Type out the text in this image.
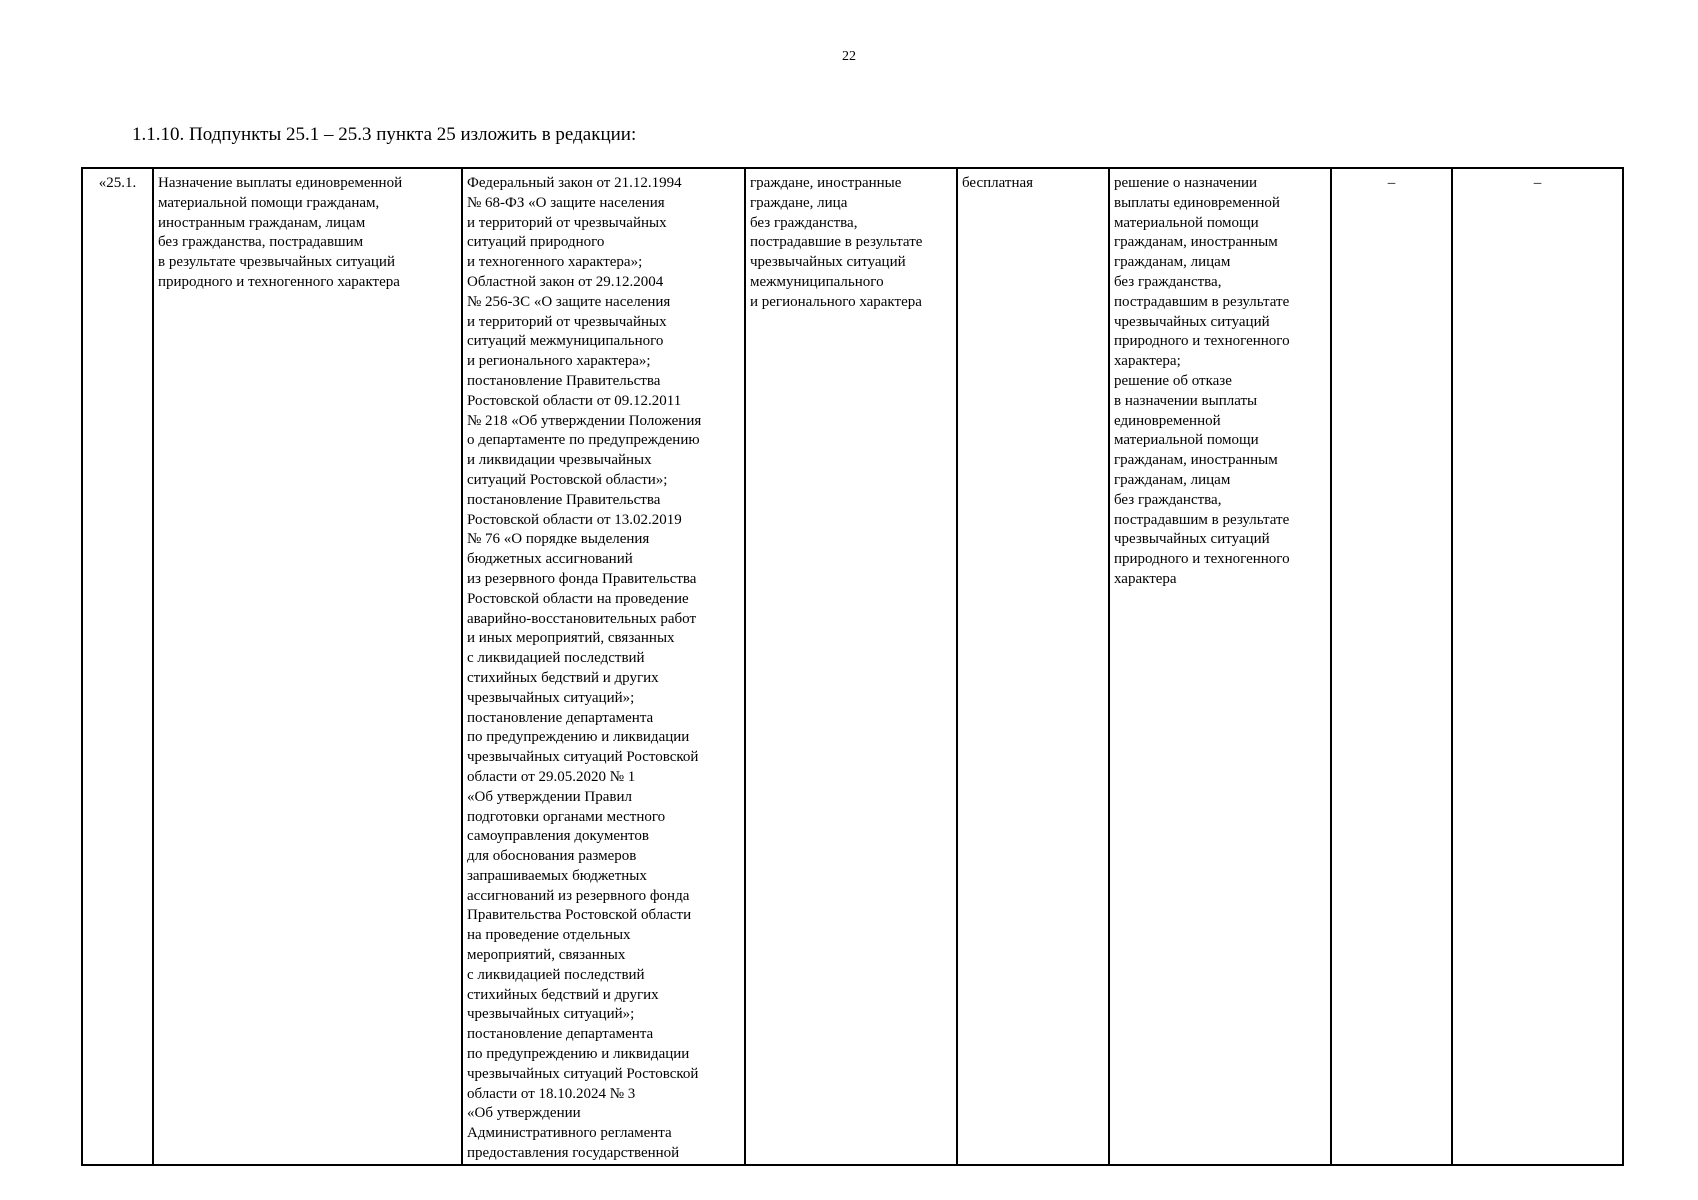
22
1.1.10. Подпункты 25.1 – 25.3 пункта 25 изложить в редакции:
«25.1.	Назначение выплаты единовременной
материальной помощи гражданам,
иностранным гражданам, лицам
без гражданства, пострадавшим
в результате чрезвычайных ситуаций
природного и техногенного характера	Федеральный закон от 21.12.1994
№ 68-ФЗ «О защите населения
и территорий от чрезвычайных
ситуаций природного
и техногенного характера»;
Областной закон от 29.12.2004
№ 256-ЗС «О защите населения
и территорий от чрезвычайных
ситуаций межмуниципального
и регионального характера»;
постановление Правительства
Ростовской области от 09.12.2011
№ 218 «Об утверждении Положения
о департаменте по предупреждению
и ликвидации чрезвычайных
ситуаций Ростовской области»;
постановление Правительства
Ростовской области от 13.02.2019
№ 76 «О порядке выделения
бюджетных ассигнований
из резервного фонда Правительства
Ростовской области на проведение
аварийно-восстановительных работ
и иных мероприятий, связанных
с ликвидацией последствий
стихийных бедствий и других
чрезвычайных ситуаций»;
постановление департамента
по предупреждению и ликвидации
чрезвычайных ситуаций Ростовской
области от 29.05.2020 № 1
«Об утверждении Правил
подготовки органами местного
самоуправления документов
для обоснования размеров
запрашиваемых бюджетных
ассигнований из резервного фонда
Правительства Ростовской области
на проведение отдельных
мероприятий, связанных
с ликвидацией последствий
стихийных бедствий и других
чрезвычайных ситуаций»;
постановление департамента
по предупреждению и ликвидации
чрезвычайных ситуаций Ростовской
области от 18.10.2024 № 3
«Об утверждении
Административного регламента
предоставления государственной	граждане, иностранные
граждане, лица
без гражданства,
пострадавшие в результате
чрезвычайных ситуаций
межмуниципального
и регионального характера	бесплатная	решение о назначении
выплаты единовременной
материальной помощи
гражданам, иностранным
гражданам, лицам
без гражданства,
пострадавшим в результате
чрезвычайных ситуаций
природного и техногенного
характера;
решение об отказе
в назначении выплаты
единовременной
материальной помощи
гражданам, иностранным
гражданам, лицам
без гражданства,
пострадавшим в результате
чрезвычайных ситуаций
природного и техногенного
характера	–	–
